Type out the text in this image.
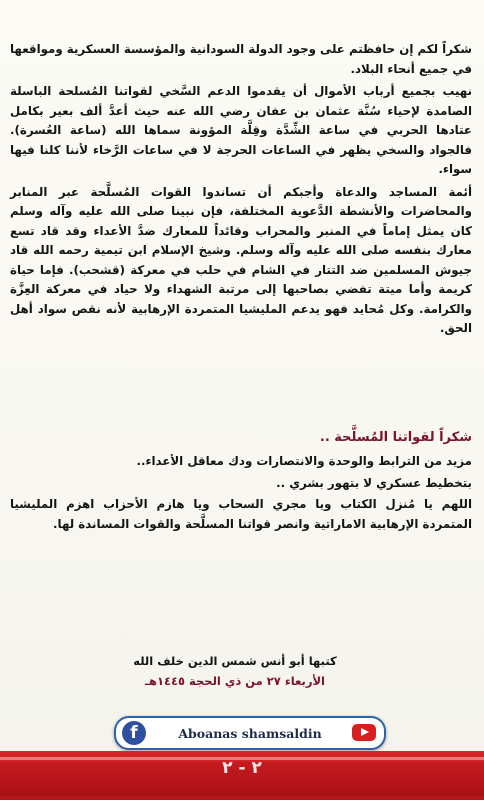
شكراً لكم إن حافظتم على وجود الدولة السودانية والمؤسسة العسكرية ومواقعها في جميع أنحاء البلاد.

نهيب بجميع أرباب الأموال أن يقدموا الدعم السَّخي لقواتنا المُسلحة الباسلة الصامدة لإحياء سُنَّة عثمان بن عفان رضي الله عنه حيث أعدَّ ألف بعير بكامل عتادها الحربي في ساعة الشِّدَّة وقِلَّة المؤونة سماها الله (ساعة العُسرة). فالجواد والسخي يظهر في الساعات الحرجة لا في ساعات الرَّخاء لأننا كلنا فيها سواء.

أئمة المساجد والدعاة وأجبكم أن تساندوا القوات المُسلَّحة عبر المنابر والمحاضرات والأنشطة الدَّعوية المختلفة، فإن نبينا صلى الله عليه وآله وسلم كان يمثل إماماً في المنبر والمحراب وقائداً للمعارك ضدَّ الأعداء وقد قاد تسع معارك بنفسه صلى الله عليه وآله وسلم. وشيخ الإسلام ابن تيمية رحمه الله قاد جيوش المسلمين ضد التتار في الشام في حلب في معركة (قشحب). فإما حياة كريمة وأما ميتة تفضي بصاحبها إلى مرتبة الشهداء ولا حياد في معركة العِزَّة والكرامة. وكل مُحايد فهو يدعم المليشيا المتمردة الإرهابية لأنه نقص سواد أهل الحق.

شكراً لقواتنا المُسلَّحة ..

مزيد من الترابط والوحدة والانتصارات ودك معاقل الأعداء..

بتخطيط عسكري لا بتهور بشري ..

اللهم يا مُنزل الكتاب ويا مجري السحاب ويا هازم الأحزاب اهزم المليشيا المتمردة الإرهابية الاماراتية وانصر قواتنا المسلَّحة والقوات المساندة لها.

كتبها أبو أنس شمس الدين خلف الله
الأربعاء ٢٧ من ذي الحجة ١٤٤٥هـ
f	Aboanas shamsaldin
٢ - ٢
